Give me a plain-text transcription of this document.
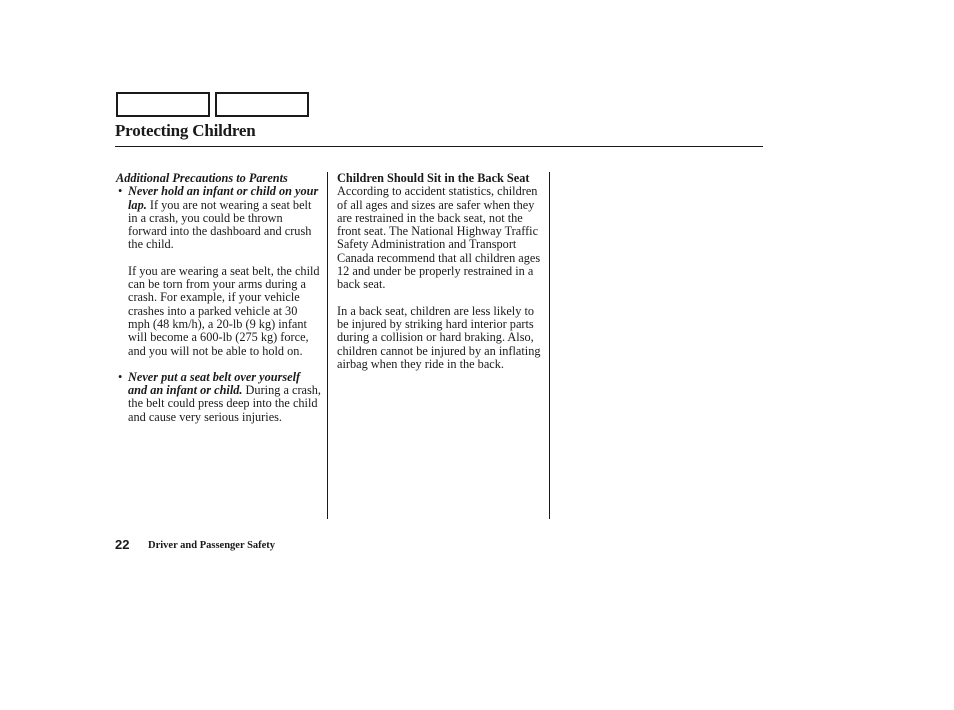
Protecting Children
Additional Precautions to Parents
• Never hold an infant or child on your lap. If you are not wearing a seat belt in a crash, you could be thrown forward into the dashboard and crush the child.

If you are wearing a seat belt, the child can be torn from your arms during a crash. For example, if your vehicle crashes into a parked vehicle at 30 mph (48 km/h), a 20-lb (9 kg) infant will become a 600-lb (275 kg) force, and you will not be able to hold on.

• Never put a seat belt over yourself and an infant or child. During a crash, the belt could press deep into the child and cause very serious injuries.
Children Should Sit in the Back Seat

According to accident statistics, children of all ages and sizes are safer when they are restrained in the back seat, not the front seat. The National Highway Traffic Safety Administration and Transport Canada recommend that all children ages 12 and under be properly restrained in a back seat.

In a back seat, children are less likely to be injured by striking hard interior parts during a collision or hard braking. Also, children cannot be injured by an inflating airbag when they ride in the back.

22 Driver and Passenger Safety
